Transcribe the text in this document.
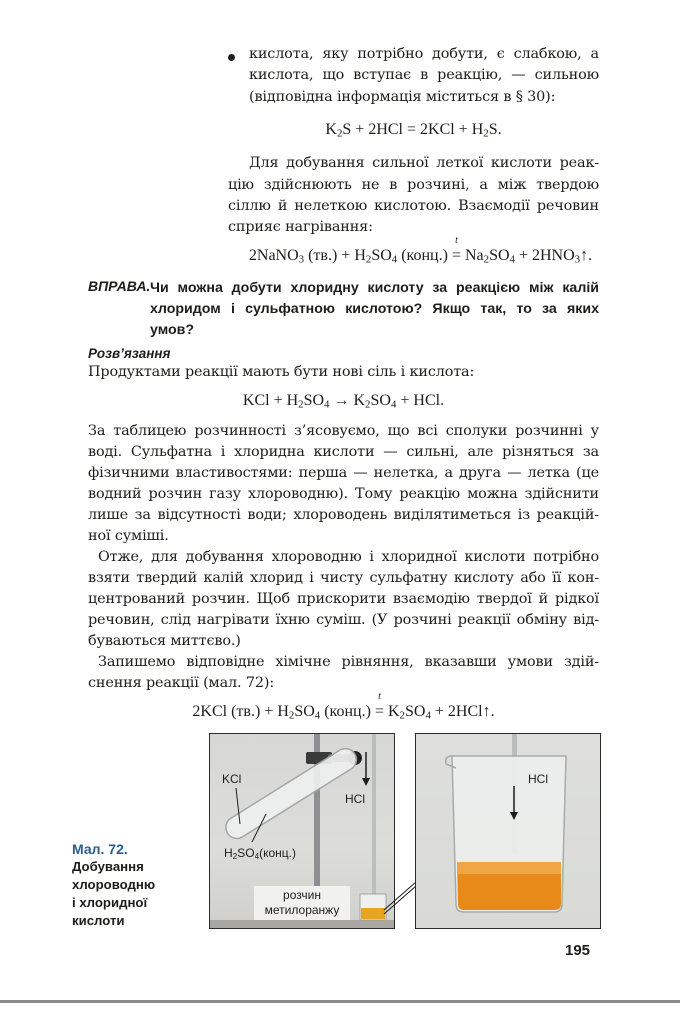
кислота, яку потрібно добути, є слабкою, а
кислота, що вступає в реакцію, — сильною
(відповідна інформація міститься в § 30):
$K_2S + 2HCl = 2KCl + H_2S$.
Для добування сильної леткої кислоти реак-
цію здійснюють не в розчині, а між твердою
сіллю й нелеткою кислотою. Взаємодії речовин
сприяє нагрівання:
2NaNO$_3$ $(тв.) + H_2SO_4$ (конц.)
t
= $Na_2SO_4$ + $2HNO_3↑$.
ВПРАВА. Чи можна добути хлоридну кислоту за реакцією між калій
хлоридом і сульфатною кислотою? Якщо так, то за яких
умов?
Розв’язання
Продуктами реакції мають бути нові сіль і кислота:
KCl + $H_2SO_4 \to K_2SO_4$ + HCl.
За таблицею розчинності з’ясовуємо, що всі сполуки розчинні у
воді. Сульфатна і хлоридна кислоти — сильні, але різняться за
фізичними властивостями: перша — нелетка, а друга — летка (це
водний розчин газу хлороводню). Тому реакцію можна здійснити
лише за відсутності води; хлороводень виділятиметься із реакцій-
ної суміші.
Отже, для добування хлороводню і хлоридної кислоти потрібно
взяти твердий калій хлорид і чисту сульфатну кислоту або її кон-
центрований розчин. Щоб прискорити взаємодію твердої й рідкої
речовин, слід нагрівати їхню суміш. (У розчині реакції обміну від-
буваються миттєво.)
Запишемо відповідне хімічне рівняння, вказавши умови здій-
снення реакції (мал. 72):
2KCl $(тв.) + H_2SO_4$ (конц.)
t
= $K_2SO_4$ + 2HCl↑.
KCl
HCl
$H_2SO_4(конц.)$
розчин
метилоранжу
HCl
Мал. 72.
Добування
хлороводню
і хлоридної
кислоти
195
